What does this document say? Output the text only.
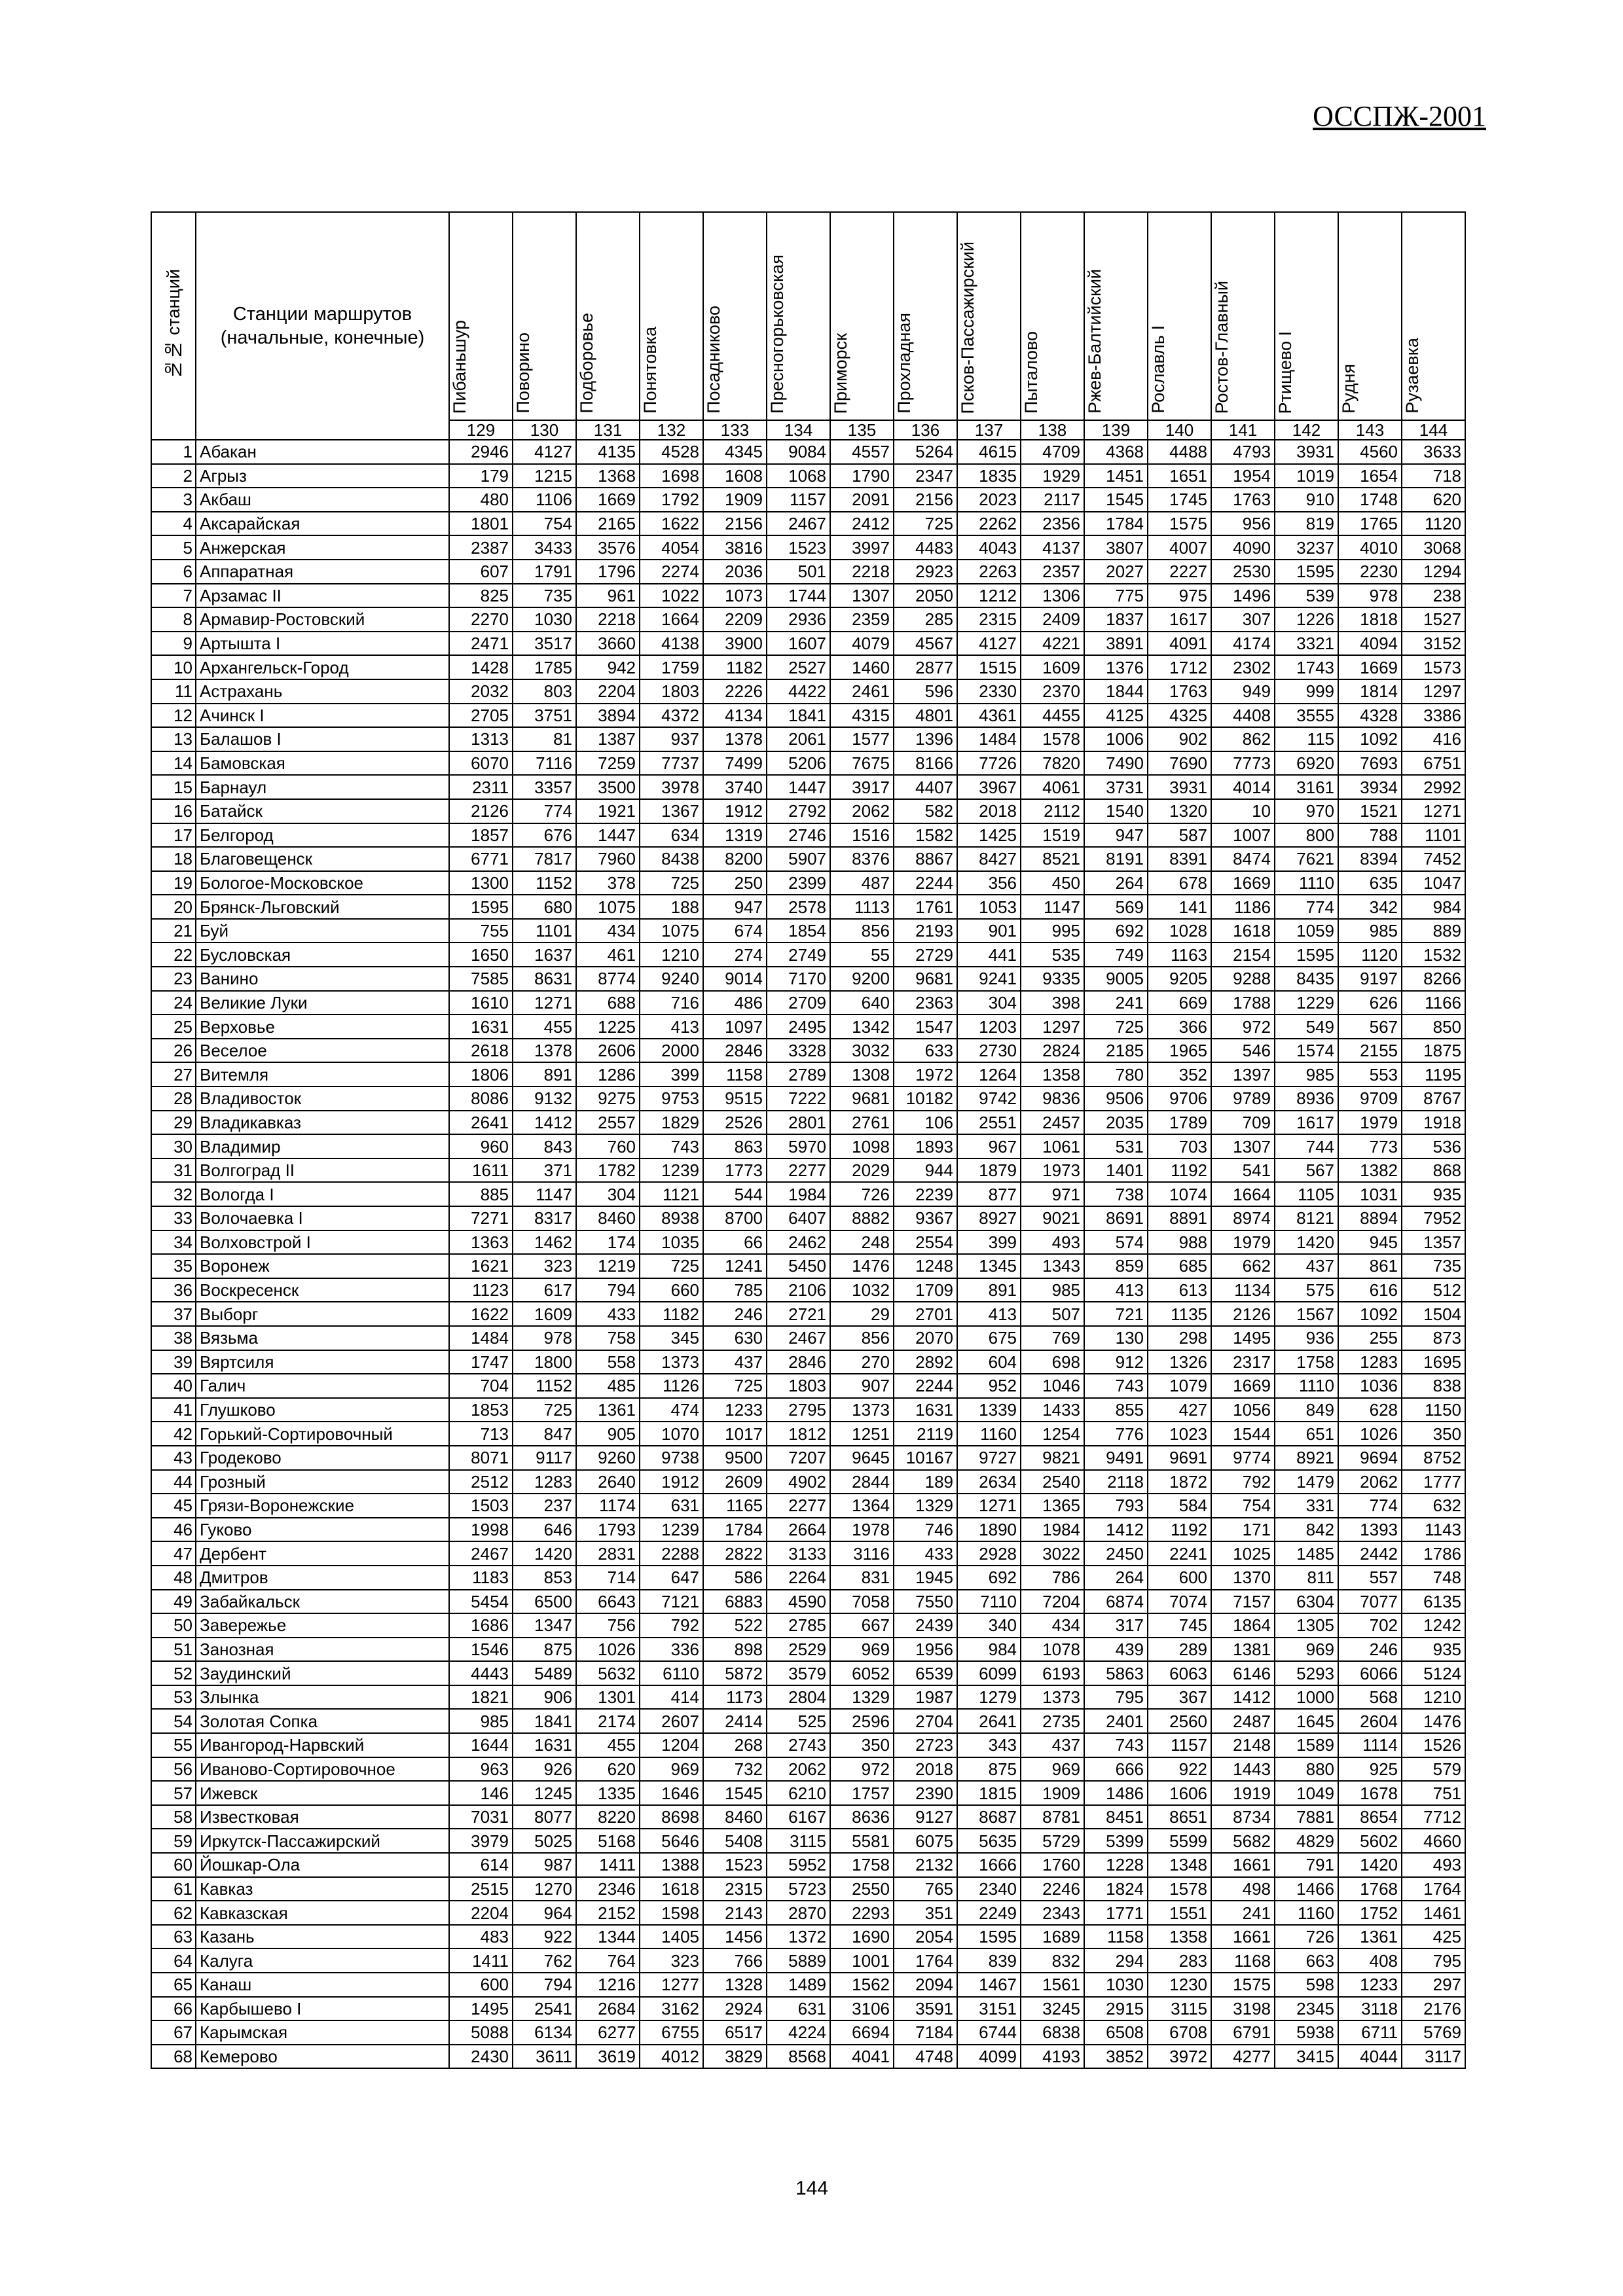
ОССПЖ-2001
№№ станций	Станции маршрутов (начальные, конечные)	Пибаньшур	Поворино	Подборовье	Понятовка	Посадниково	Пресногорьковская	Приморск	Прохладная	Псков-Пассажирский	Пыталово	Ржев-Балтийский	Рославль I	Ростов-Главный	Ртищево I	Рудня	Рузаевка
		129	130	131	132	133	134	135	136	137	138	139	140	141	142	143	144
1	Абакан	2946	4127	4135	4528	4345	9084	4557	5264	4615	4709	4368	4488	4793	3931	4560	3633
2	Агрыз	179	1215	1368	1698	1608	1068	1790	2347	1835	1929	1451	1651	1954	1019	1654	718
3	Акбаш	480	1106	1669	1792	1909	1157	2091	2156	2023	2117	1545	1745	1763	910	1748	620
4	Аксарайская	1801	754	2165	1622	2156	2467	2412	725	2262	2356	1784	1575	956	819	1765	1120
5	Анжерская	2387	3433	3576	4054	3816	1523	3997	4483	4043	4137	3807	4007	4090	3237	4010	3068
6	Аппаратная	607	1791	1796	2274	2036	501	2218	2923	2263	2357	2027	2227	2530	1595	2230	1294
7	Арзамас II	825	735	961	1022	1073	1744	1307	2050	1212	1306	775	975	1496	539	978	238
8	Армавир-Ростовский	2270	1030	2218	1664	2209	2936	2359	285	2315	2409	1837	1617	307	1226	1818	1527
9	Артышта I	2471	3517	3660	4138	3900	1607	4079	4567	4127	4221	3891	4091	4174	3321	4094	3152
10	Архангельск-Город	1428	1785	942	1759	1182	2527	1460	2877	1515	1609	1376	1712	2302	1743	1669	1573
11	Астрахань	2032	803	2204	1803	2226	4422	2461	596	2330	2370	1844	1763	949	999	1814	1297
12	Ачинск I	2705	3751	3894	4372	4134	1841	4315	4801	4361	4455	4125	4325	4408	3555	4328	3386
13	Балашов I	1313	81	1387	937	1378	2061	1577	1396	1484	1578	1006	902	862	115	1092	416
14	Бамовская	6070	7116	7259	7737	7499	5206	7675	8166	7726	7820	7490	7690	7773	6920	7693	6751
15	Барнаул	2311	3357	3500	3978	3740	1447	3917	4407	3967	4061	3731	3931	4014	3161	3934	2992
16	Батайск	2126	774	1921	1367	1912	2792	2062	582	2018	2112	1540	1320	10	970	1521	1271
17	Белгород	1857	676	1447	634	1319	2746	1516	1582	1425	1519	947	587	1007	800	788	1101
18	Благовещенск	6771	7817	7960	8438	8200	5907	8376	8867	8427	8521	8191	8391	8474	7621	8394	7452
19	Бологое-Московское	1300	1152	378	725	250	2399	487	2244	356	450	264	678	1669	1110	635	1047
20	Брянск-Льговский	1595	680	1075	188	947	2578	1113	1761	1053	1147	569	141	1186	774	342	984
21	Буй	755	1101	434	1075	674	1854	856	2193	901	995	692	1028	1618	1059	985	889
22	Бусловская	1650	1637	461	1210	274	2749	55	2729	441	535	749	1163	2154	1595	1120	1532
23	Ванино	7585	8631	8774	9240	9014	7170	9200	9681	9241	9335	9005	9205	9288	8435	9197	8266
24	Великие Луки	1610	1271	688	716	486	2709	640	2363	304	398	241	669	1788	1229	626	1166
25	Верховье	1631	455	1225	413	1097	2495	1342	1547	1203	1297	725	366	972	549	567	850
26	Веселое	2618	1378	2606	2000	2846	3328	3032	633	2730	2824	2185	1965	546	1574	2155	1875
27	Витемля	1806	891	1286	399	1158	2789	1308	1972	1264	1358	780	352	1397	985	553	1195
28	Владивосток	8086	9132	9275	9753	9515	7222	9681	10182	9742	9836	9506	9706	9789	8936	9709	8767
29	Владикавказ	2641	1412	2557	1829	2526	2801	2761	106	2551	2457	2035	1789	709	1617	1979	1918
30	Владимир	960	843	760	743	863	5970	1098	1893	967	1061	531	703	1307	744	773	536
31	Волгоград II	1611	371	1782	1239	1773	2277	2029	944	1879	1973	1401	1192	541	567	1382	868
32	Вологда I	885	1147	304	1121	544	1984	726	2239	877	971	738	1074	1664	1105	1031	935
33	Волочаевка I	7271	8317	8460	8938	8700	6407	8882	9367	8927	9021	8691	8891	8974	8121	8894	7952
34	Волховстрой I	1363	1462	174	1035	66	2462	248	2554	399	493	574	988	1979	1420	945	1357
35	Воронеж	1621	323	1219	725	1241	5450	1476	1248	1345	1343	859	685	662	437	861	735
36	Воскресенск	1123	617	794	660	785	2106	1032	1709	891	985	413	613	1134	575	616	512
37	Выборг	1622	1609	433	1182	246	2721	29	2701	413	507	721	1135	2126	1567	1092	1504
38	Вязьма	1484	978	758	345	630	2467	856	2070	675	769	130	298	1495	936	255	873
39	Вяртсиля	1747	1800	558	1373	437	2846	270	2892	604	698	912	1326	2317	1758	1283	1695
40	Галич	704	1152	485	1126	725	1803	907	2244	952	1046	743	1079	1669	1110	1036	838
41	Глушково	1853	725	1361	474	1233	2795	1373	1631	1339	1433	855	427	1056	849	628	1150
42	Горький-Сортировочный	713	847	905	1070	1017	1812	1251	2119	1160	1254	776	1023	1544	651	1026	350
43	Гродеково	8071	9117	9260	9738	9500	7207	9645	10167	9727	9821	9491	9691	9774	8921	9694	8752
44	Грозный	2512	1283	2640	1912	2609	4902	2844	189	2634	2540	2118	1872	792	1479	2062	1777
45	Грязи-Воронежские	1503	237	1174	631	1165	2277	1364	1329	1271	1365	793	584	754	331	774	632
46	Гуково	1998	646	1793	1239	1784	2664	1978	746	1890	1984	1412	1192	171	842	1393	1143
47	Дербент	2467	1420	2831	2288	2822	3133	3116	433	2928	3022	2450	2241	1025	1485	2442	1786
48	Дмитров	1183	853	714	647	586	2264	831	1945	692	786	264	600	1370	811	557	748
49	Забайкальск	5454	6500	6643	7121	6883	4590	7058	7550	7110	7204	6874	7074	7157	6304	7077	6135
50	Завережье	1686	1347	756	792	522	2785	667	2439	340	434	317	745	1864	1305	702	1242
51	Занозная	1546	875	1026	336	898	2529	969	1956	984	1078	439	289	1381	969	246	935
52	Заудинский	4443	5489	5632	6110	5872	3579	6052	6539	6099	6193	5863	6063	6146	5293	6066	5124
53	Злынка	1821	906	1301	414	1173	2804	1329	1987	1279	1373	795	367	1412	1000	568	1210
54	Золотая Сопка	985	1841	2174	2607	2414	525	2596	2704	2641	2735	2401	2560	2487	1645	2604	1476
55	Ивангород-Нарвский	1644	1631	455	1204	268	2743	350	2723	343	437	743	1157	2148	1589	1114	1526
56	Иваново-Сортировочное	963	926	620	969	732	2062	972	2018	875	969	666	922	1443	880	925	579
57	Ижевск	146	1245	1335	1646	1545	6210	1757	2390	1815	1909	1486	1606	1919	1049	1678	751
58	Известковая	7031	8077	8220	8698	8460	6167	8636	9127	8687	8781	8451	8651	8734	7881	8654	7712
59	Иркутск-Пассажирский	3979	5025	5168	5646	5408	3115	5581	6075	5635	5729	5399	5599	5682	4829	5602	4660
60	Йошкар-Ола	614	987	1411	1388	1523	5952	1758	2132	1666	1760	1228	1348	1661	791	1420	493
61	Кавказ	2515	1270	2346	1618	2315	5723	2550	765	2340	2246	1824	1578	498	1466	1768	1764
62	Кавказская	2204	964	2152	1598	2143	2870	2293	351	2249	2343	1771	1551	241	1160	1752	1461
63	Казань	483	922	1344	1405	1456	1372	1690	2054	1595	1689	1158	1358	1661	726	1361	425
64	Калуга	1411	762	764	323	766	5889	1001	1764	839	832	294	283	1168	663	408	795
65	Канаш	600	794	1216	1277	1328	1489	1562	2094	1467	1561	1030	1230	1575	598	1233	297
66	Карбышево I	1495	2541	2684	3162	2924	631	3106	3591	3151	3245	2915	3115	3198	2345	3118	2176
67	Карымская	5088	6134	6277	6755	6517	4224	6694	7184	6744	6838	6508	6708	6791	5938	6711	5769
68	Кемерово	2430	3611	3619	4012	3829	8568	4041	4748	4099	4193	3852	3972	4277	3415	4044	3117
144
